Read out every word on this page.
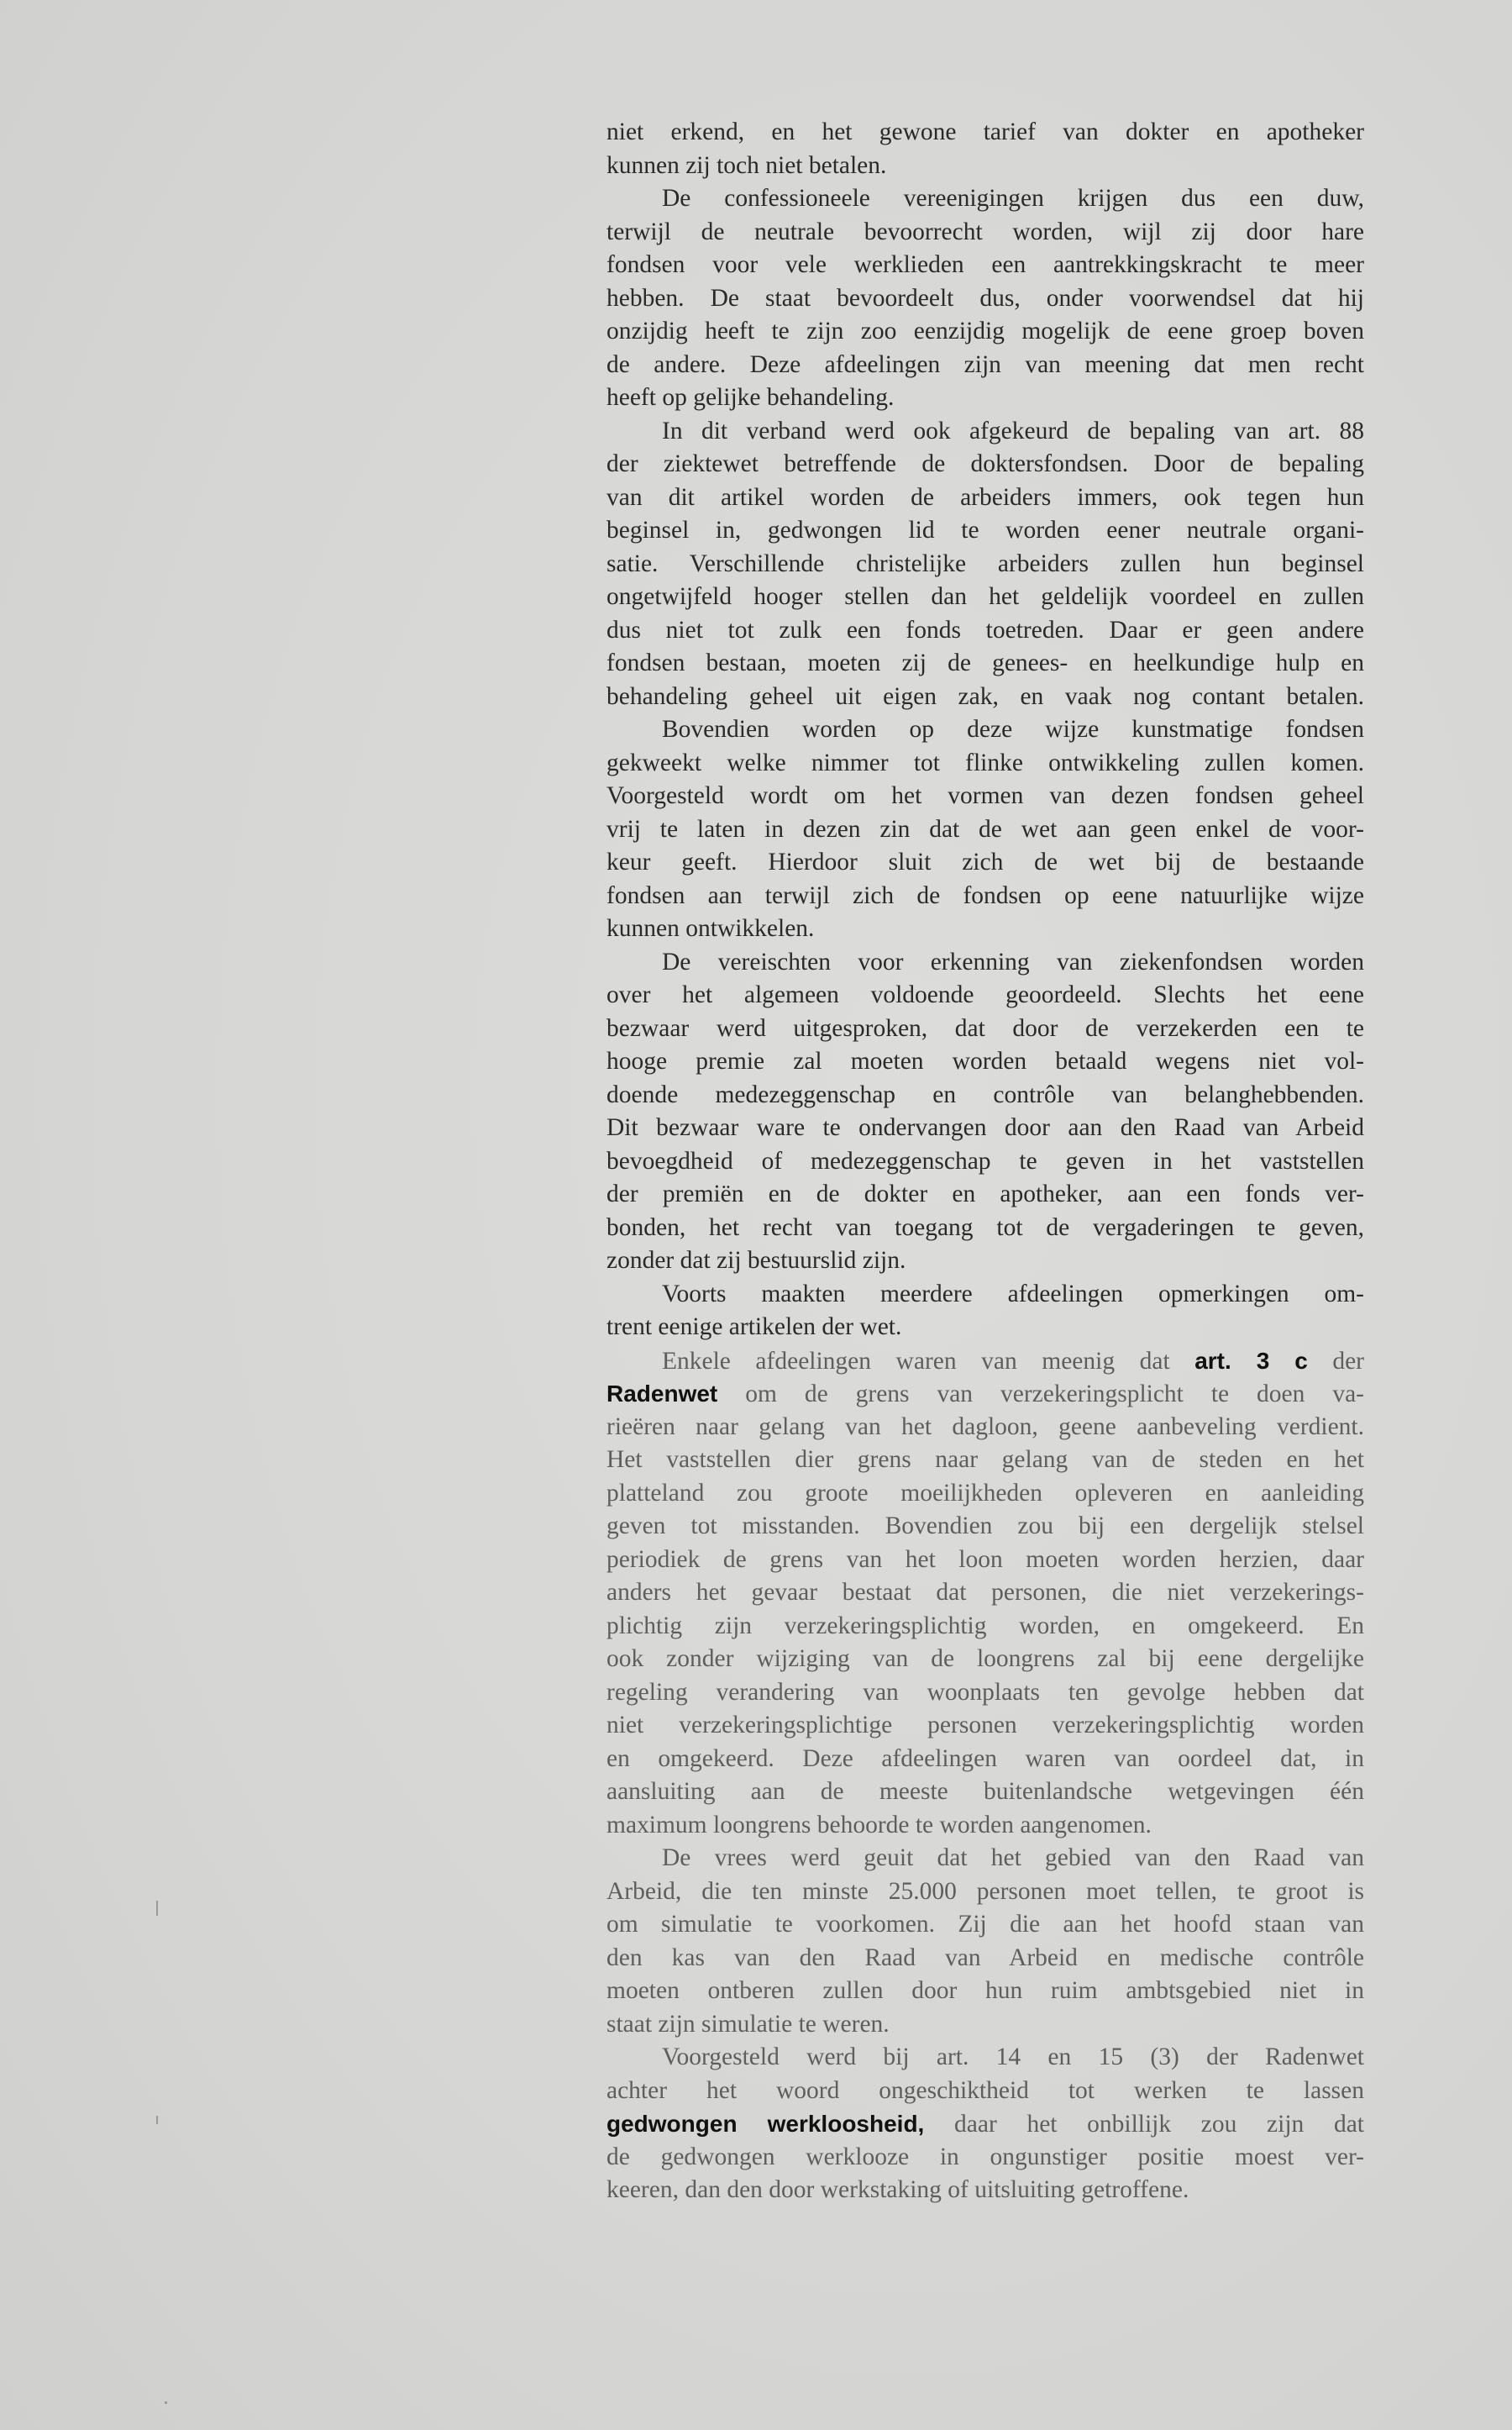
niet erkend, en het gewone tarief van dokter en apotheker
kunnen zij toch niet betalen.
De confessioneele vereenigingen krijgen dus een duw,
terwijl de neutrale bevoorrecht worden, wijl zij door hare
fondsen voor vele werklieden een aantrekkingskracht te meer
hebben. De staat bevoordeelt dus, onder voorwendsel dat hij
onzijdig heeft te zijn zoo eenzijdig mogelijk de eene groep boven
de andere. Deze afdeelingen zijn van meening dat men recht
heeft op gelijke behandeling.
In dit verband werd ook afgekeurd de bepaling van art. 88
der ziektewet betreffende de doktersfondsen. Door de bepaling
van dit artikel worden de arbeiders immers, ook tegen hun
beginsel in, gedwongen lid te worden eener neutrale organi-
satie. Verschillende christelijke arbeiders zullen hun beginsel
ongetwijfeld hooger stellen dan het geldelijk voordeel en zullen
dus niet tot zulk een fonds toetreden. Daar er geen andere
fondsen bestaan, moeten zij de genees- en heelkundige hulp en
behandeling geheel uit eigen zak, en vaak nog contant betalen.
Bovendien worden op deze wijze kunstmatige fondsen
gekweekt welke nimmer tot flinke ontwikkeling zullen komen.
Voorgesteld wordt om het vormen van dezen fondsen geheel
vrij te laten in dezen zin dat de wet aan geen enkel de voor-
keur geeft. Hierdoor sluit zich de wet bij de bestaande
fondsen aan terwijl zich de fondsen op eene natuurlijke wijze
kunnen ontwikkelen.
De vereischten voor erkenning van ziekenfondsen worden
over het algemeen voldoende geoordeeld. Slechts het eene
bezwaar werd uitgesproken, dat door de verzekerden een te
hooge premie zal moeten worden betaald wegens niet vol-
doende medezeggenschap en contrôle van belanghebbenden.
Dit bezwaar ware te ondervangen door aan den Raad van Arbeid
bevoegdheid of medezeggenschap te geven in het vaststellen
der premiën en de dokter en apotheker, aan een fonds ver-
bonden, het recht van toegang tot de vergaderingen te geven,
zonder dat zij bestuurslid zijn.
Voorts maakten meerdere afdeelingen opmerkingen om-
trent eenige artikelen der wet.
Enkele afdeelingen waren van meenig dat art. 3 c der
Radenwet om de grens van verzekeringsplicht te doen va-
rieëren naar gelang van het dagloon, geene aanbeveling verdient.
Het vaststellen dier grens naar gelang van de steden en het
platteland zou groote moeilijkheden opleveren en aanleiding
geven tot misstanden. Bovendien zou bij een dergelijk stelsel
periodiek de grens van het loon moeten worden herzien, daar
anders het gevaar bestaat dat personen, die niet verzekerings-
plichtig zijn verzekeringsplichtig worden, en omgekeerd. En
ook zonder wijziging van de loongrens zal bij eene dergelijke
regeling verandering van woonplaats ten gevolge hebben dat
niet verzekeringsplichtige personen verzekeringsplichtig worden
en omgekeerd. Deze afdeelingen waren van oordeel dat, in
aansluiting aan de meeste buitenlandsche wetgevingen één
maximum loongrens behoorde te worden aangenomen.
De vrees werd geuit dat het gebied van den Raad van
Arbeid, die ten minste 25.000 personen moet tellen, te groot is
om simulatie te voorkomen. Zij die aan het hoofd staan van
den kas van den Raad van Arbeid en medische contrôle
moeten ontberen zullen door hun ruim ambtsgebied niet in
staat zijn simulatie te weren.
Voorgesteld werd bij art. 14 en 15 (3) der Radenwet
achter het woord ongeschiktheid tot werken te lassen
gedwongen werkloosheid, daar het onbillijk zou zijn dat
de gedwongen werklooze in ongunstiger positie moest ver-
keeren, dan den door werkstaking of uitsluiting getroffene.
